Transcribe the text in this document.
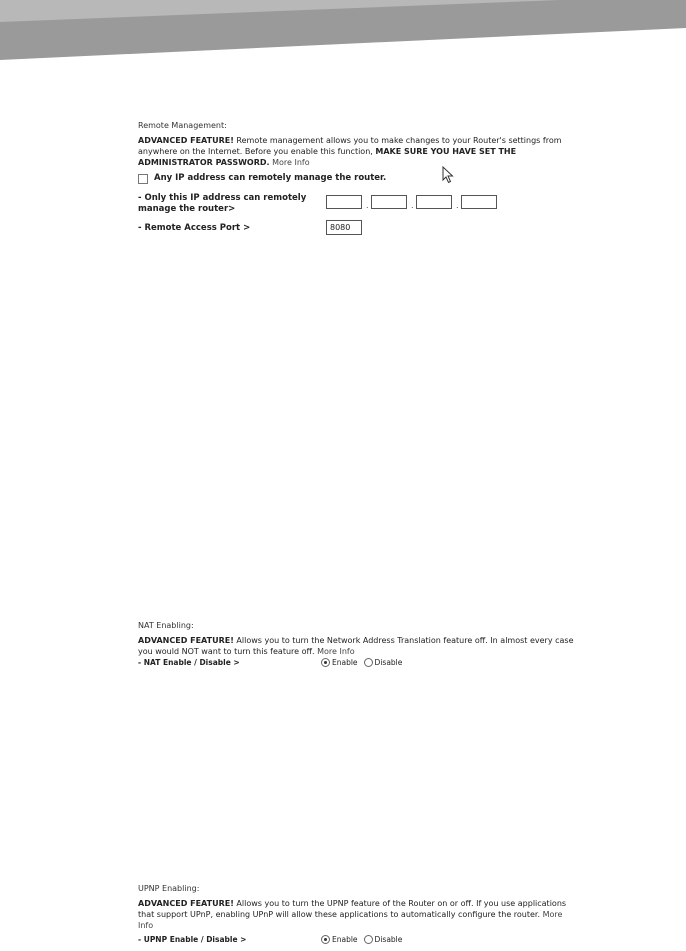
Remote Management:
ADVANCED FEATURE! Remote management allows you to make changes to your Router's settings from anywhere on the Internet. Before you enable this function, MAKE SURE YOU HAVE SET THE ADMINISTRATOR PASSWORD. More Info
Any IP address can remotely manage the router.
- Only this IP address can remotely
manage the router>	.	.	.
- Remote Access Port >	8080
NAT Enabling:
ADVANCED FEATURE! Allows you to turn the Network Address Translation feature off. In almost every case you would NOT want to turn this feature off. More Info
- NAT Enable / Disable >	Enable Disable
UPNP Enabling:
ADVANCED FEATURE! Allows you to turn the UPNP feature of the Router on or off. If you use applications that support UPnP, enabling UPnP will allow these applications to automatically configure the router. More Info
- UPNP Enable / Disable >	Enable Disable
